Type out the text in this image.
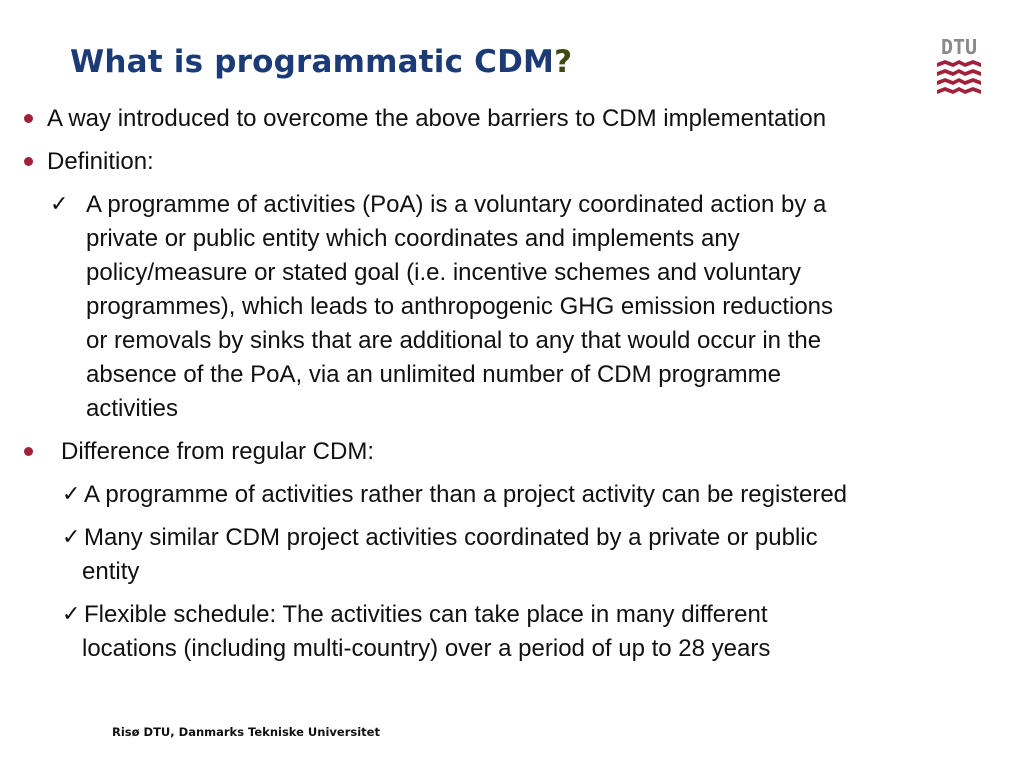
What is programmatic CDM?	DTU

A way introduced to overcome the above barriers to CDM implementation

Definition:

✓ A programme of activities (PoA) is a voluntary coordinated action by a

private or public entity which coordinates and implements any

policy/measure or stated goal (i.e. incentive schemes and voluntary

programmes), which leads to anthropogenic GHG emission reductions

or removals by sinks that are additional to any that would occur in the

absence of the PoA, via an unlimited number of CDM programme

activities

Difference from regular CDM:

✓ A programme of activities rather than a project activity can be registered

✓ Many similar CDM project activities coordinated by a private or public

entity

✓ Flexible schedule: The activities can take place in many different

locations (including multi-country) over a period of up to 28 years

Risø DTU, Danmarks Tekniske Universitet
